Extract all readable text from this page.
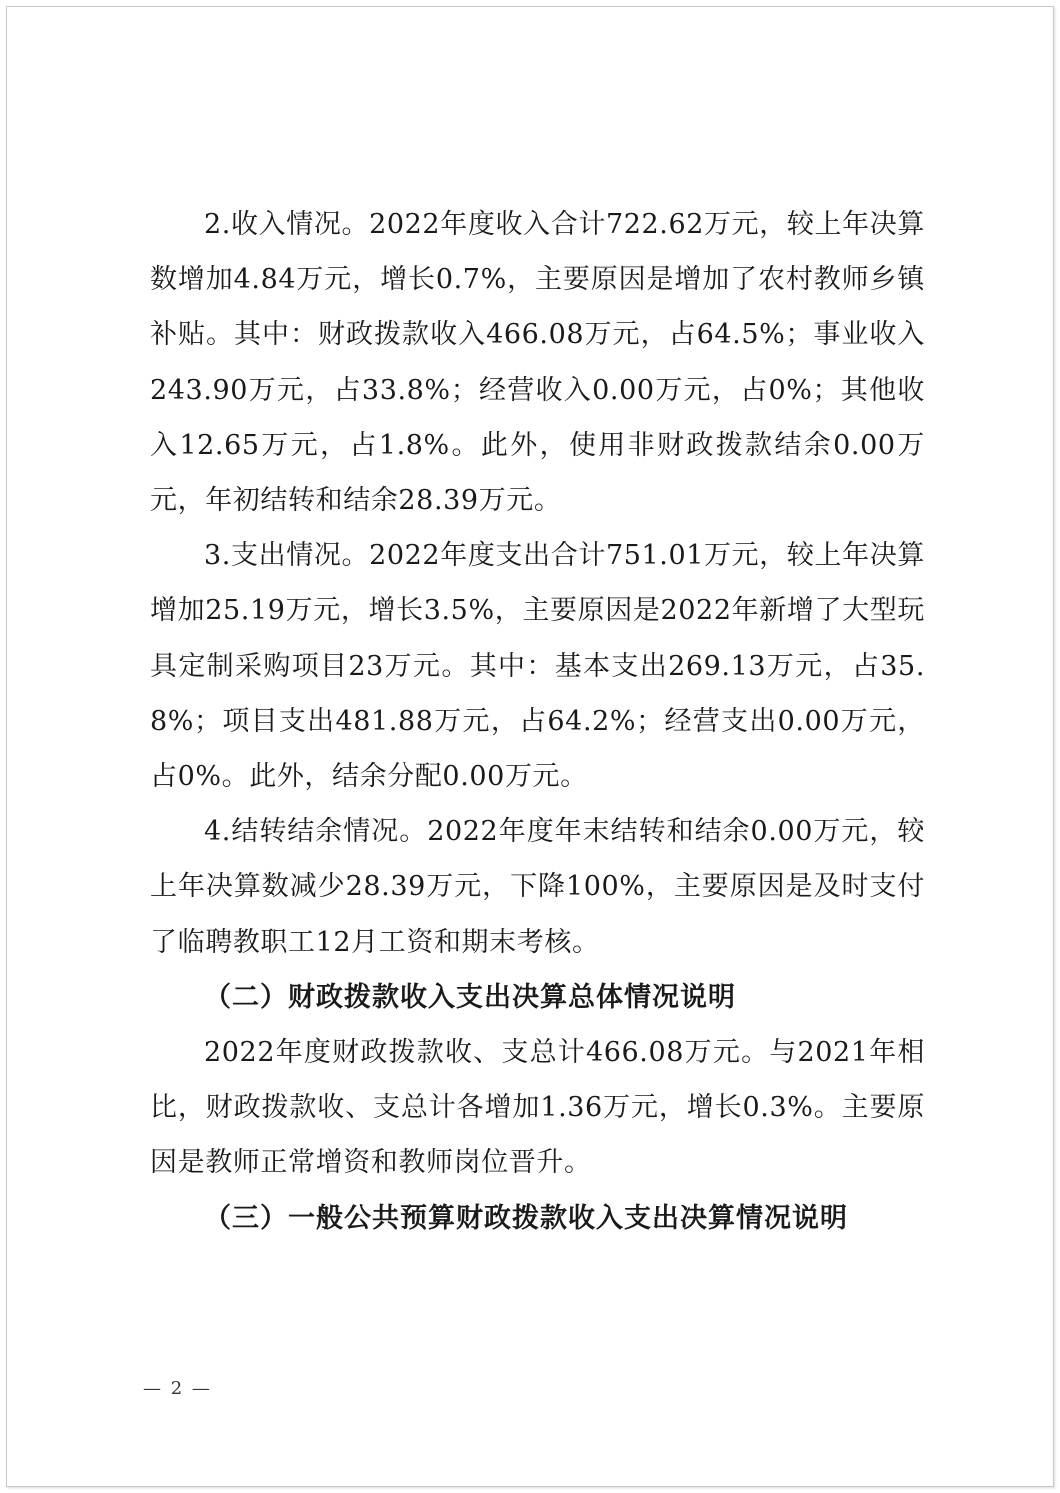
2.收入情况。2022年度收入合计722.62万元，较上年决算数增加4.84万元，增长0.7%，主要原因是增加了农村教师乡镇补贴。其中：财政拨款收入466.08万元，占64.5%；事业收入243.90万元，占33.8%；经营收入0.00万元，占0%；其他收入12.65万元，占1.8%。此外，使用非财政拨款结余0.00万元，年初结转和结余28.39万元。

3.支出情况。2022年度支出合计751.01万元，较上年决算增加25.19万元，增长3.5%，主要原因是2022年新增了大型玩具定制采购项目23万元。其中：基本支出269.13万元，占35.8%；项目支出481.88万元，占64.2%；经营支出0.00万元，占0%。此外，结余分配0.00万元。

4.结转结余情况。2022年度年末结转和结余0.00万元，较上年决算数减少28.39万元，下降100%，主要原因是及时支付了临聘教职工12月工资和期末考核。

（二）财政拨款收入支出决算总体情况说明

2022年度财政拨款收、支总计466.08万元。与2021年相比，财政拨款收、支总计各增加1.36万元，增长0.3%。主要原因是教师正常增资和教师岗位晋升。

（三）一般公共预算财政拨款收入支出决算情况说明

— 2 —
